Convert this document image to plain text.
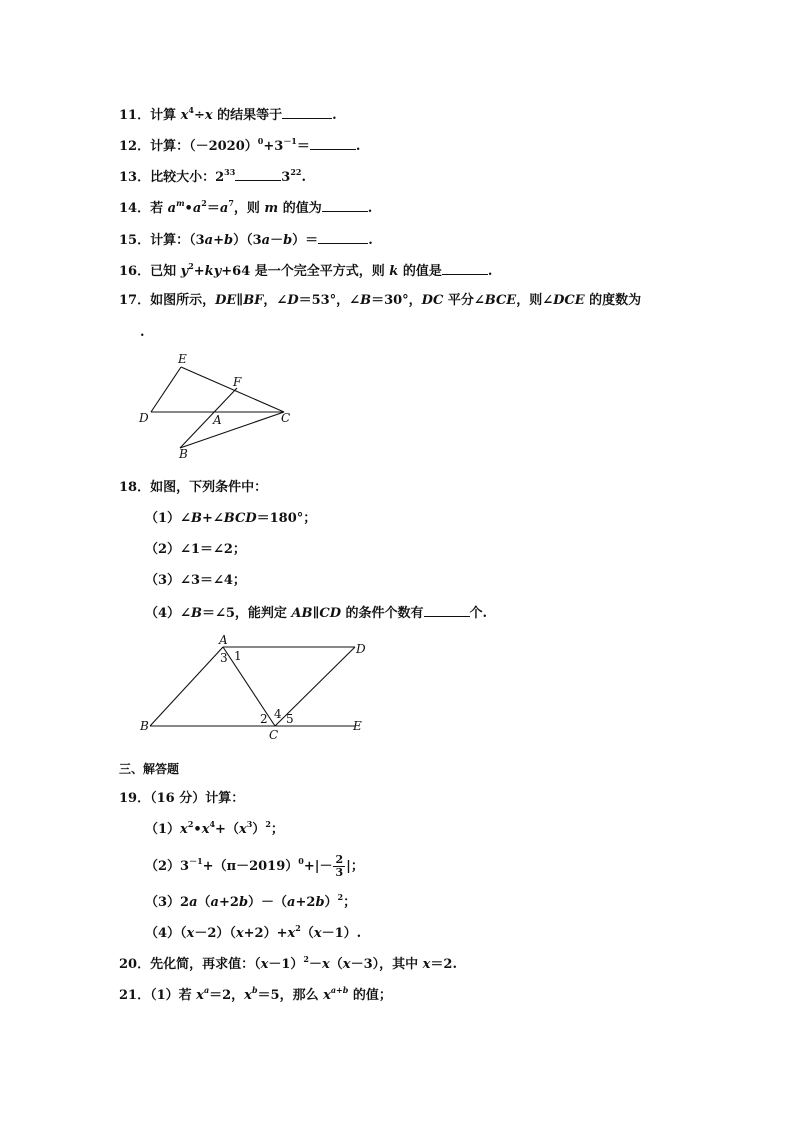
11．计算 $x^4\div x$ 的结果等于	.
12．计算：$(-2020)^0+3^{-1}=$	.
13．比较大小：$2^{33}$	$3^{22}$.
14．若 $a^m•a^2=a^7$，则 m 的值为	.
15．计算：（3a+b）（3a－b）＝	.
16．已知 $y^2+ky+64$ 是一个完全平方式，则 k 的值是	.
17．如图所示，DE∥BF，∠D＝53°，∠B＝30°，DC 平分∠BCE，则∠DCE 的度数为
.
E
F
D	A	C
B
18．如图，下列条件中：
（1）∠B+∠BCD＝180°；
（2）∠1＝∠2；
（3）∠3＝∠4；
（4）∠B＝∠5，能判定 AB∥CD 的条件个数有	个.
A
D
B
C
E
1
3
2 4 5
三、解答题
19．（16 分）计算：
$(1)x^2•x^4+(x^3)^2$；
$(2)3^{-1}+(\pi-2019)^0+|- \frac{2}{3}$ |；
$(3)2a(a+2b)-(a+2b)^2$；
$(4)(x-2)(x+2)+x^2(x-1)$.
20．先化简，再求值：$(x-1)^2-x(x-3)$，其中 x＝2.
21．（1）若 $x^a=2$，$x^b=5$，那么 $x^{a+b}$ 的值；
